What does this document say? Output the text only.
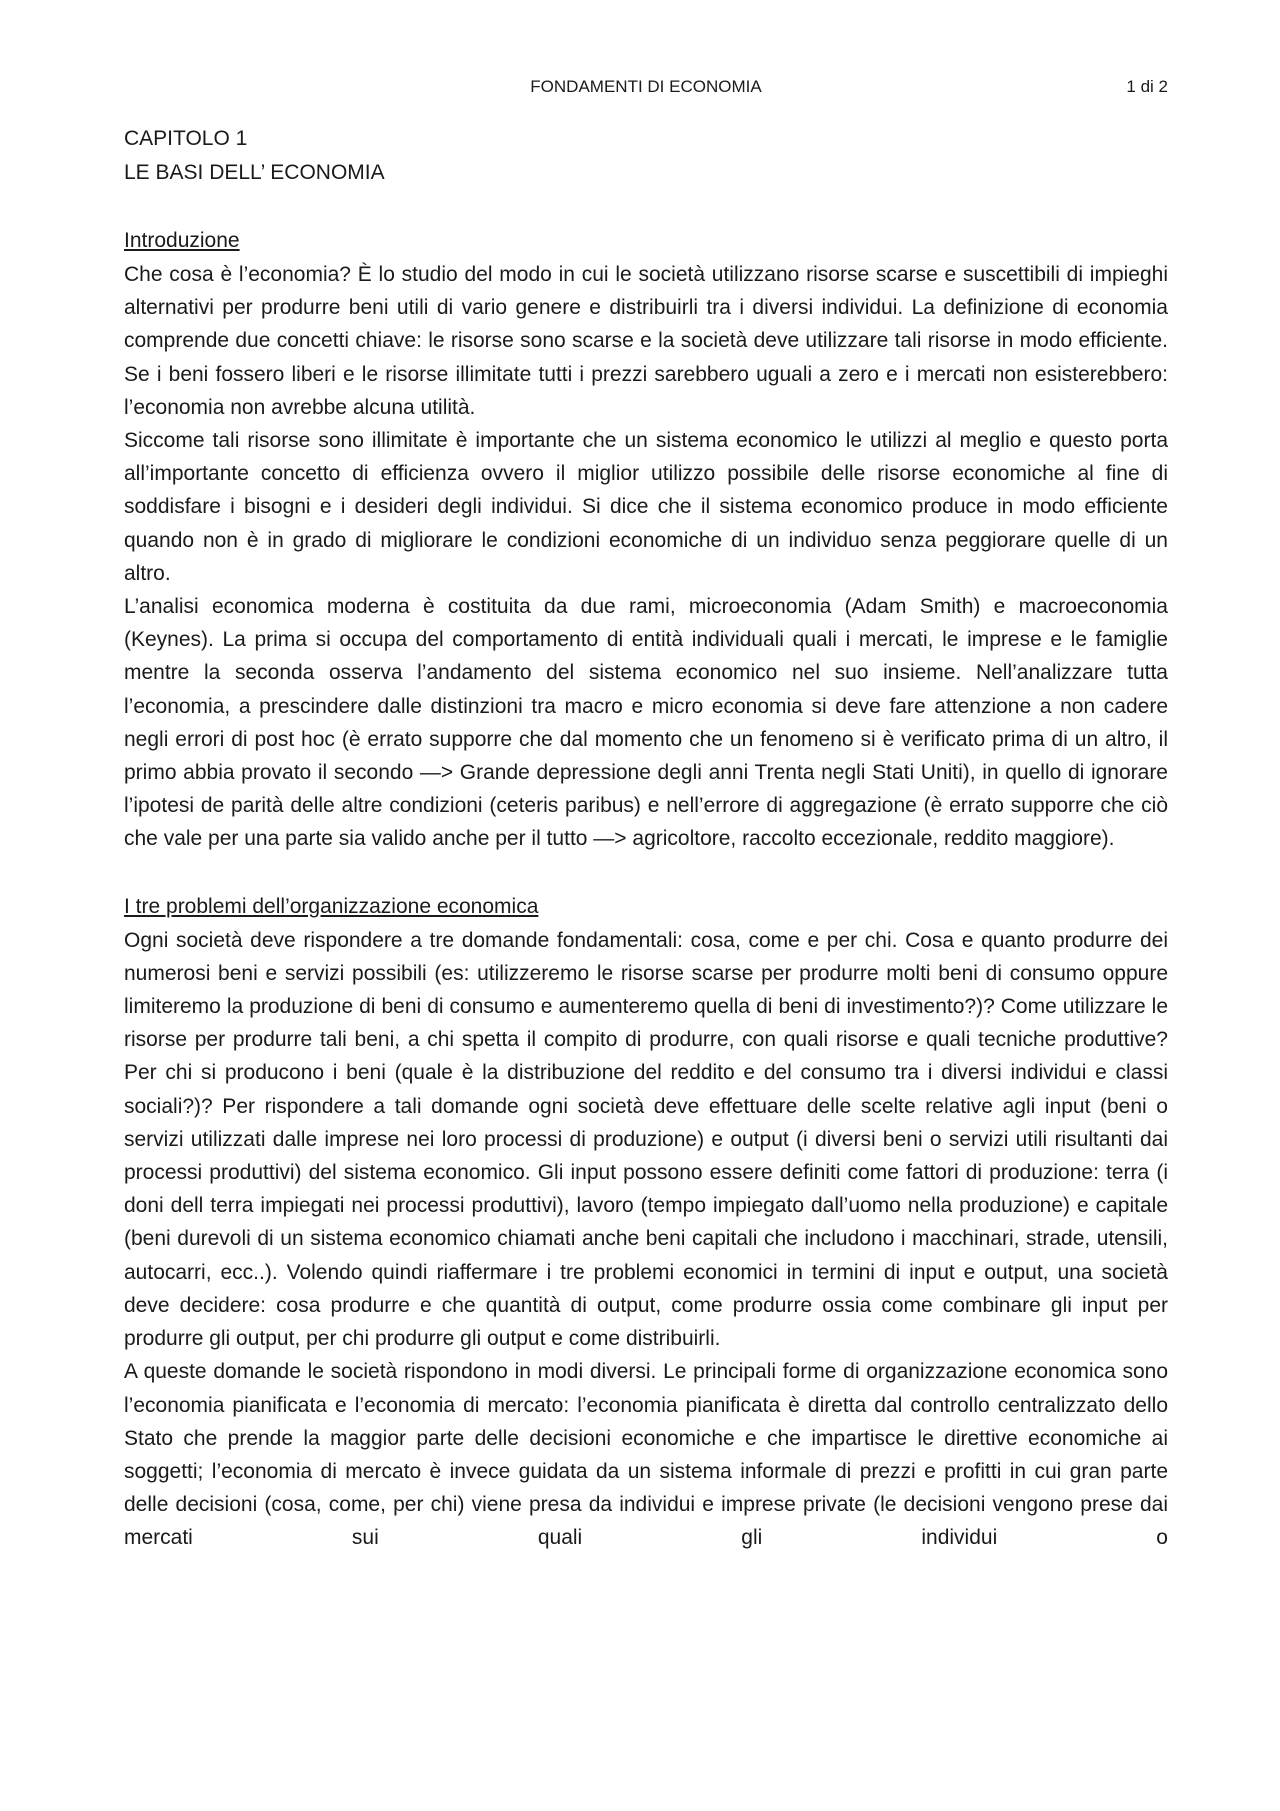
FONDAMENTI DI ECONOMIA	1 di 2
CAPITOLO 1
LE BASI DELL’ ECONOMIA
Introduzione

Che cosa è l’economia? È lo studio del modo in cui le società utilizzano risorse scarse e suscettibili di impieghi alternativi per produrre beni utili di vario genere e distribuirli tra i diversi individui. La definizione di economia comprende due concetti chiave: le risorse sono scarse e la società deve utilizzare tali risorse in modo efficiente. Se i beni fossero liberi e le risorse illimitate tutti i prezzi sarebbero uguali a zero e i mercati non esisterebbero: l’economia non avrebbe alcuna utilità.

Siccome tali risorse sono illimitate è importante che un sistema economico le utilizzi al meglio e questo porta all’importante concetto di efficienza ovvero il miglior utilizzo possibile delle risorse economiche al fine di soddisfare i bisogni e i desideri degli individui. Si dice che il sistema economico produce in modo efficiente quando non è in grado di migliorare le condizioni economiche di un individuo senza peggiorare quelle di un altro.

L’analisi economica moderna è costituita da due rami, microeconomia (Adam Smith) e macroeconomia (Keynes). La prima si occupa del comportamento di entità individuali quali i mercati, le imprese e le famiglie mentre la seconda osserva l’andamento del sistema economico nel suo insieme. Nell’analizzare tutta l’economia, a prescindere dalle distinzioni tra macro e micro economia si deve fare attenzione a non cadere negli errori di post hoc (è errato supporre che dal momento che un fenomeno si è verificato prima di un altro, il primo abbia provato il secondo —> Grande depressione degli anni Trenta negli Stati Uniti), in quello di ignorare l’ipotesi de parità delle altre condizioni (ceteris paribus) e nell’errore di aggregazione (è errato supporre che ciò che vale per una parte sia valido anche per il tutto —> agricoltore, raccolto eccezionale, reddito maggiore).

I tre problemi dell’organizzazione economica

Ogni società deve rispondere a tre domande fondamentali: cosa, come e per chi. Cosa e quanto produrre dei numerosi beni e servizi possibili (es: utilizzeremo le risorse scarse per produrre molti beni di consumo oppure limiteremo la produzione di beni di consumo e aumenteremo quella di beni di investimento?)? Come utilizzare le risorse per produrre tali beni, a chi spetta il compito di produrre, con quali risorse e quali tecniche produttive? Per chi si producono i beni (quale è la distribuzione del reddito e del consumo tra i diversi individui e classi sociali?)? Per rispondere a tali domande ogni società deve effettuare delle scelte relative agli input (beni o servizi utilizzati dalle imprese nei loro processi di produzione) e output (i diversi beni o servizi utili risultanti dai processi produttivi) del sistema economico. Gli input possono essere definiti come fattori di produzione: terra (i doni dell terra impiegati nei processi produttivi), lavoro (tempo impiegato dall’uomo nella produzione) e capitale (beni durevoli di un sistema economico chiamati anche beni capitali che includono i macchinari, strade, utensili, autocarri, ecc..). Volendo quindi riaffermare i tre problemi economici in termini di input e output, una società deve decidere: cosa produrre e che quantità di output, come produrre ossia come combinare gli input per produrre gli output, per chi produrre gli output e come distribuirli.

A queste domande le società rispondono in modi diversi. Le principali forme di organizzazione economica sono l’economia pianificata e l’economia di mercato: l’economia pianificata è diretta dal controllo centralizzato dello Stato che prende la maggior parte delle decisioni economiche e che impartisce le direttive economiche ai soggetti; l’economia di mercato è invece guidata da un sistema informale di prezzi e profitti in cui gran parte delle decisioni (cosa, come, per chi) viene presa da individui e imprese private (le decisioni vengono prese dai mercati sui quali gli individui o
